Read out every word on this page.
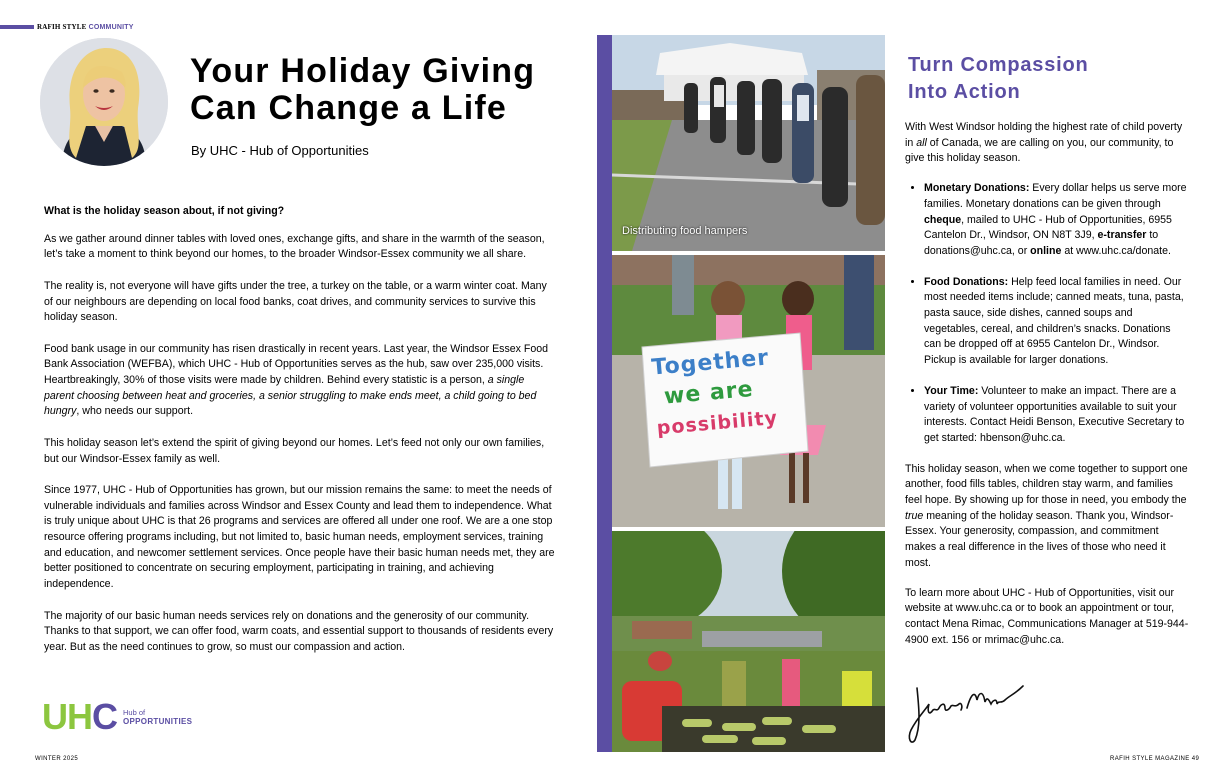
RAFIH STYLE COMMUNITY
Your Holiday Giving
Can Change a Life
By UHC - Hub of Opportunities

What is the holiday season about, if not giving?

As we gather around dinner tables with loved ones, exchange gifts, and share in the warmth of the season, let’s take a moment to think beyond our homes, to the broader Windsor-Essex community we all share.

The reality is, not everyone will have gifts under the tree, a turkey on the table, or a warm winter coat. Many of our neighbours are depending on local food banks, coat drives, and community services to survive this holiday season.

Food bank usage in our community has risen drastically in recent years. Last year, the Windsor Essex Food Bank Association (WEFBA), which UHC - Hub of Opportunities serves as the hub, saw over 235,000 visits. Heartbreakingly, 30% of those visits were made by children. Behind every statistic is a person, a single parent choosing between heat and groceries, a senior struggling to make ends meet, a child going to bed hungry, who needs our support.

This holiday season let’s extend the spirit of giving beyond our homes. Let’s feed not only our own families, but our Windsor-Essex family as well.

Since 1977, UHC - Hub of Opportunities has grown, but our mission remains the same: to meet the needs of vulnerable individuals and families across Windsor and Essex County and lead them to independence. What is truly unique about UHC is that 26 programs and services are offered all under one roof. We are a one stop resource offering programs including, but not limited to, basic human needs, employment services, training and education, and newcomer settlement services. Once people have their basic human needs met, they are better positioned to concentrate on securing employment, participating in training, and achieving independence.

The majority of our basic human needs services rely on donations and the generosity of our community. Thanks to that support, we can offer food, warm coats, and essential support to thousands of residents every year. But as the need continues to grow, so must our compassion and action.

UHC Hub of
OPPORTUNITIES
WINTER 2025
Distributing food hampers
Together
we are
possibility
Turn Compassion
Into Action

With West Windsor holding the highest rate of child poverty in all of Canada, we are calling on you, our community, to give this holiday season.

• Monetary Donations: Every dollar helps us serve more families. Monetary donations can be given through cheque, mailed to UHC - Hub of Opportunities, 6955 Cantelon Dr., Windsor, ON N8T 3J9, e-transfer to donations@uhc.ca, or online at www.uhc.ca/donate.
• Food Donations: Help feed local families in need. Our most needed items include; canned meats, tuna, pasta, pasta sauce, side dishes, canned soups and vegetables, cereal, and children’s snacks. Donations can be dropped off at 6955 Cantelon Dr., Windsor. Pickup is available for larger donations.
• Your Time: Volunteer to make an impact. There are a variety of volunteer opportunities available to suit your interests. Contact Heidi Benson, Executive Secretary to get started: hbenson@uhc.ca.

This holiday season, when we come together to support one another, food fills tables, children stay warm, and families feel hope. By showing up for those in need, you embody the true meaning of the holiday season. Thank you, Windsor-Essex. Your generosity, compassion, and commitment makes a real difference in the lives of those who need it most.

To learn more about UHC - Hub of Opportunities, visit our website at www.uhc.ca or to book an appointment or tour, contact Mena Rimac, Communications Manager at 519-944-4900 ext. 156 or mrimac@uhc.ca.

RAFIH STYLE MAGAZINE 49
